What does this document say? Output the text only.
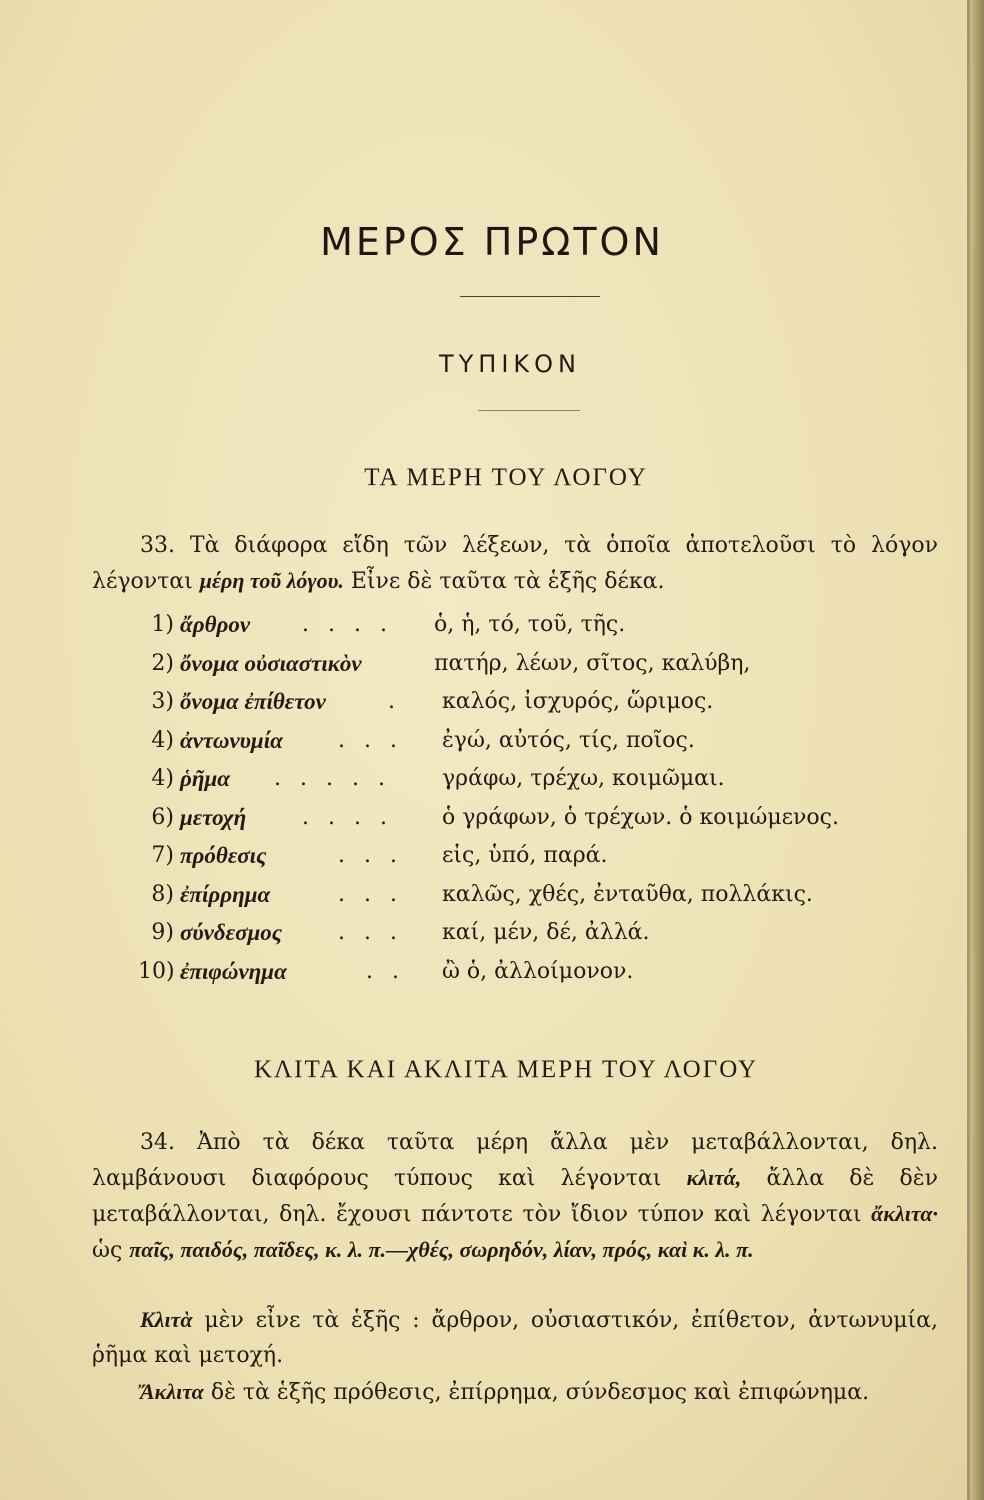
ΜΕΡΟΣ ΠΡΩΤΟΝ
ΤΥΠΙΚΟΝ
ΤΑ ΜΕΡΗ ΤΟΥ ΛΟΓΟΥ
33. Τὰ διάφορα εἴδη τῶν λέξεων, τὰ ὁποῖα ἀποτελοῦσι τὸ λόγον λέγονται μέρη τοῦ λόγου. Εἶνε δὲ ταῦτα τὰ ἑξῆς δέκα.
1) ἄρθρον . . . . ὁ, ἡ, τό, τοῦ, τῆς.
2) ὄνομα οὐσιαστικὸν	πατήρ, λέων, σῖτος, καλύβη,
3) ὄνομα ἐπίθετον	. καλός, ἰσχυρός, ὥριμος.
4) ἀντωνυμία	. . . ἐγώ, αὐτός, τίς, ποῖος.
4) ῥῆμα . . . . . γράφω, τρέχω, κοιμῶμαι.
6) μετοχή	. . . . ὁ γράφων, ὁ τρέχων. ὁ κοιμώμενος.
7) πρόθεσις	. . . εἰς, ὑπό, παρά.
8) ἐπίρρημα	. . . καλῶς, χθές, ἐνταῦθα, πολλάκις.
9) σύνδεσμος	. . . καί, μέν, δέ, ἀλλά.
10) ἐπιφώνημα	. . ὢ ὁ, ἀλλοίμονον.
ΚΛΙΤΑ ΚΑΙ ΑΚΛΙΤΑ ΜΕΡΗ ΤΟΥ ΛΟΓΟΥ
34. Ἀπὸ τὰ δέκα ταῦτα μέρη ἄλλα μὲν μεταβάλλονται, δηλ. λαμβάνουσι διαφόρους τύπους καὶ λέγονται κλιτά, ἄλλα δὲ δὲν μεταβάλλονται, δηλ. ἔχουσι πάντοτε τὸν ἴδιον τύπον καὶ λέγονται ἄκλιτα· ὡς παῖς, παιδός, παῖδες, κ. λ. π.—χθές, σωρηδόν, λίαν, πρός, καὶ κ. λ. π.
Κλιτὰ μὲν εἶνε τὰ ἑξῆς : ἄρθρον, οὐσιαστικόν, ἐπίθετον, ἀντωνυμία, ῥῆμα καὶ μετοχή.
Ἄκλιτα δὲ τὰ ἑξῆς πρόθεσις, ἐπίρρημα, σύνδεσμος καὶ ἐπιφώνημα.
